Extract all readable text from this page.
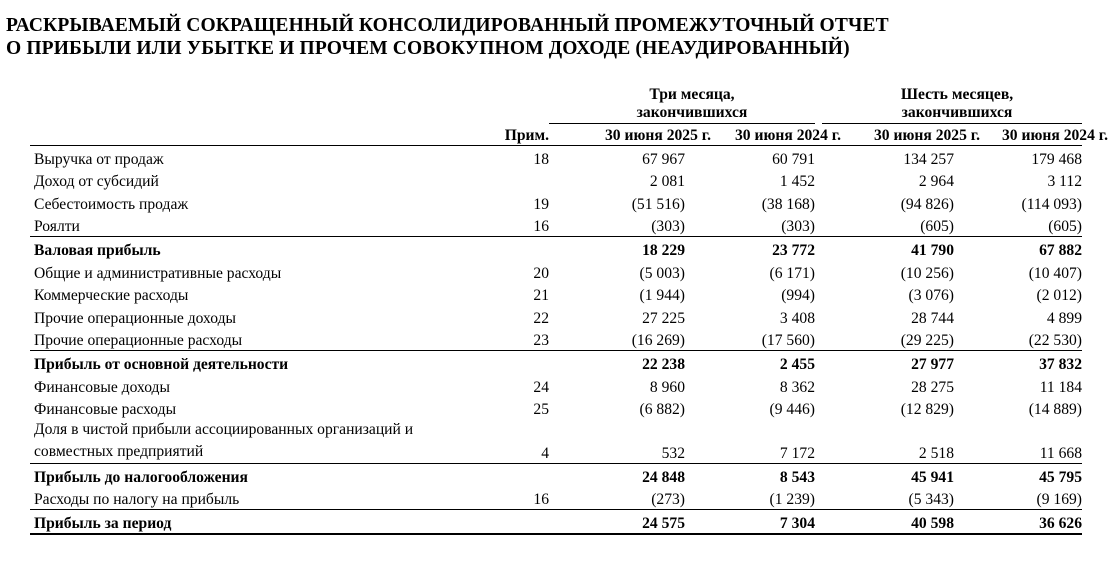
РАСКРЫВАЕМЫЙ СОКРАЩЕННЫЙ КОНСОЛИДИРОВАННЫЙ ПРОМЕЖУТОЧНЫЙ ОТЧЕТ
О ПРИБЫЛИ ИЛИ УБЫТКЕ И ПРОЧЕМ СОВОКУПНОМ ДОХОДЕ (НЕАУДИРОВАННЫЙ)

		Три месяца, закончившихся			Шесть месяцев, закончившихся	

	Прим.	30 июня 2025 г.	30 июня 2024 г.		30 июня 2025 г.	30 июня 2024 г.

Выручка от продаж	18	67 967	60 791		134 257	179 468
Доход от субсидий		2 081	1 452		2 964	3 112
Себестоимость продаж	19	(51 516)	(38 168)		(94 826)	(114 093)
Роялти	16	(303)	(303)		(605)	(605)
Валовая прибыль		18 229	23 772		41 790	67 882
Общие и административные расходы	20	(5 003)	(6 171)		(10 256)	(10 407)
Коммерческие расходы	21	(1 944)	(994)		(3 076)	(2 012)
Прочие операционные доходы	22	27 225	3 408		28 744	4 899
Прочие операционные расходы	23	(16 269)	(17 560)		(29 225)	(22 530)
Прибыль от основной деятельности		22 238	2 455		27 977	37 832
Финансовые доходы	24	8 960	8 362		28 275	11 184
Финансовые расходы	25	(6 882)	(9 446)		(12 829)	(14 889)
Доля в чистой прибыли ассоциированных организаций и совместных предприятий	4	532	7 172		2 518	11 668
Прибыль до налогообложения		24 848	8 543		45 941	45 795
Расходы по налогу на прибыль	16	(273)	(1 239)		(5 343)	(9 169)
Прибыль за период		24 575	7 304		40 598	36 626
